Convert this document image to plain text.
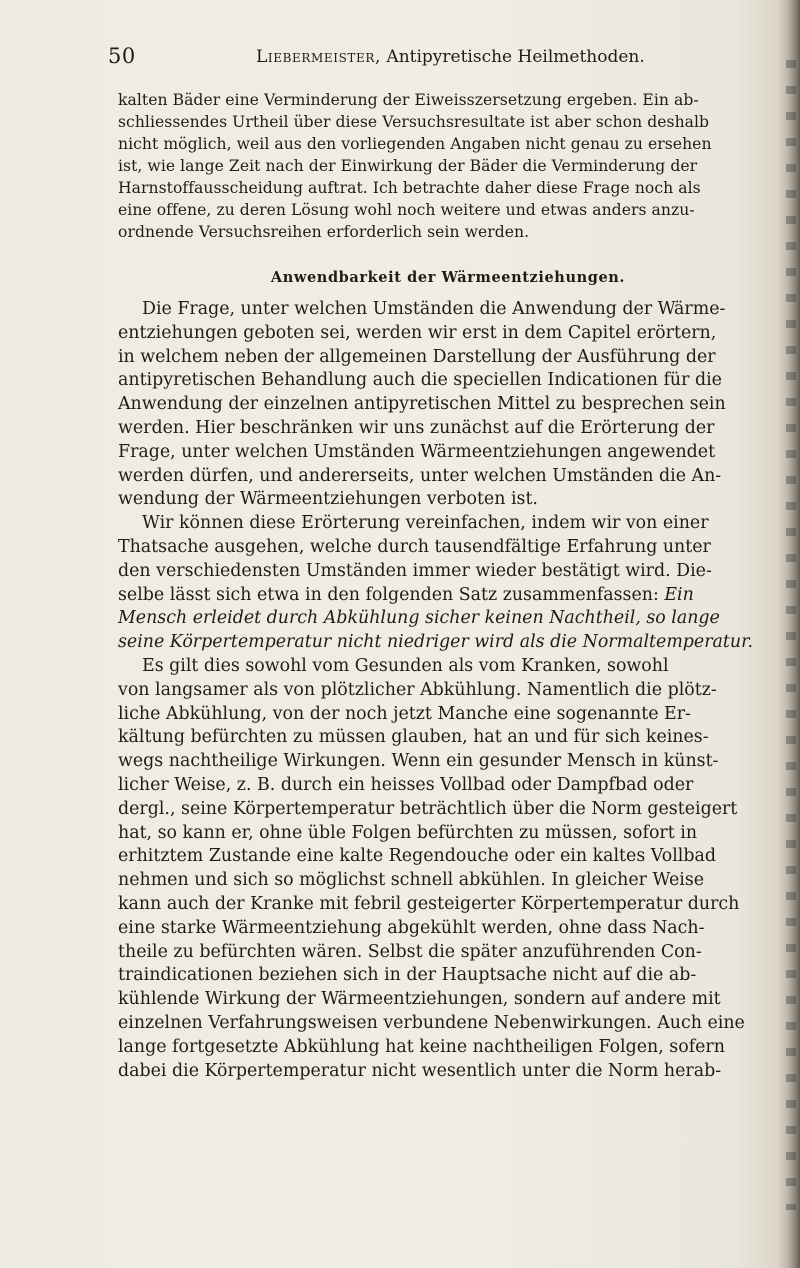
50	Liebermeister, Antipyretische Heilmethoden.

kalten Bäder eine Verminderung der Eiweisszersetzung ergeben. Ein ab-
schliessendes Urtheil über diese Versuchsresultate ist aber schon deshalb
nicht möglich, weil aus den vorliegenden Angaben nicht genau zu ersehen
ist, wie lange Zeit nach der Einwirkung der Bäder die Verminderung der
Harnstoffausscheidung auftrat. Ich betrachte daher diese Frage noch als
eine offene, zu deren Lösung wohl noch weitere und etwas anders anzu-
ordnende Versuchsreihen erforderlich sein werden.

Anwendbarkeit der Wärmeentziehungen.

Die Frage, unter welchen Umständen die Anwendung der Wärme-
entziehungen geboten sei, werden wir erst in dem Capitel erörtern,
in welchem neben der allgemeinen Darstellung der Ausführung der
antipyretischen Behandlung auch die speciellen Indicationen für die
Anwendung der einzelnen antipyretischen Mittel zu besprechen sein
werden. Hier beschränken wir uns zunächst auf die Erörterung der
Frage, unter welchen Umständen Wärmeentziehungen angewendet
werden dürfen, und andererseits, unter welchen Umständen die An-
wendung der Wärmeentziehungen verboten ist.

Wir können diese Erörterung vereinfachen, indem wir von einer
Thatsache ausgehen, welche durch tausendfältige Erfahrung unter
den verschiedensten Umständen immer wieder bestätigt wird. Die-
selbe lässt sich etwa in den folgenden Satz zusammenfassen: Ein
Mensch erleidet durch Abkühlung sicher keinen Nachtheil, so lange
seine Körpertemperatur nicht niedriger wird als die Normaltemperatur.

Es gilt dies sowohl vom Gesunden als vom Kranken, sowohl
von langsamer als von plötzlicher Abkühlung. Namentlich die plötz-
liche Abkühlung, von der noch jetzt Manche eine sogenannte Er-
kältung befürchten zu müssen glauben, hat an und für sich keines-
wegs nachtheilige Wirkungen. Wenn ein gesunder Mensch in künst-
licher Weise, z. B. durch ein heisses Vollbad oder Dampfbad oder
dergl., seine Körpertemperatur beträchtlich über die Norm gesteigert
hat, so kann er, ohne üble Folgen befürchten zu müssen, sofort in
erhitztem Zustande eine kalte Regendouche oder ein kaltes Vollbad
nehmen und sich so möglichst schnell abkühlen. In gleicher Weise
kann auch der Kranke mit febril gesteigerter Körpertemperatur durch
eine starke Wärmeentziehung abgekühlt werden, ohne dass Nach-
theile zu befürchten wären. Selbst die später anzuführenden Con-
traindicationen beziehen sich in der Hauptsache nicht auf die ab-
kühlende Wirkung der Wärmeentziehungen, sondern auf andere mit
einzelnen Verfahrungsweisen verbundene Nebenwirkungen. Auch eine
lange fortgesetzte Abkühlung hat keine nachtheiligen Folgen, sofern
dabei die Körpertemperatur nicht wesentlich unter die Norm herab-
